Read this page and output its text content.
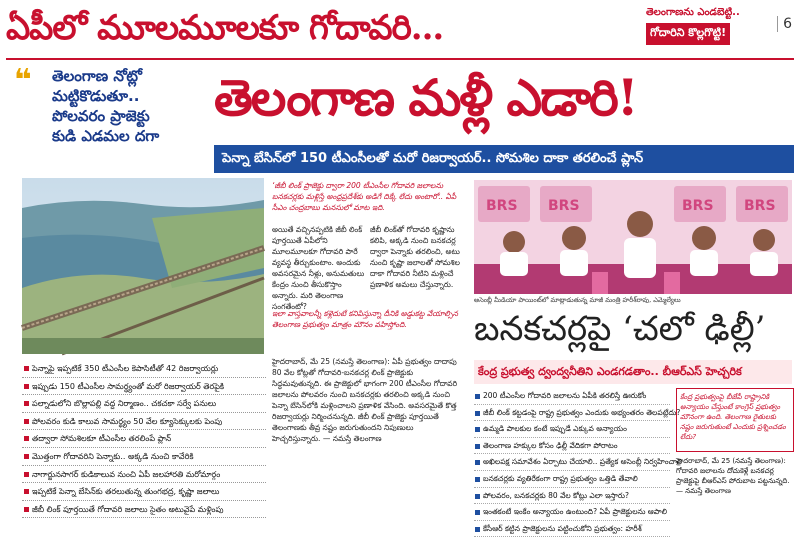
ఏపీలో మూలమూలకూ గోదావరి...	తెలంగాణను ఎండబెట్టి..
గోదారిని కొల్లగొట్టి!
6
❝ తెలంగాణ నోట్లో
మట్టికొడుతూ..
పోలవరం ప్రాజెక్టు
కుడి ఎడమల దగా
తెలంగాణ మళ్లీ ఎడారి!
పెన్నా బేసిన్‌లో 150 టీఎంసీలతో మరో రిజర్వాయర్.. సోమశిల దాకా తరలించే ప్లాన్
‘జీబీ లింక్ ప్రాజెక్టు ద్వారా 200 టీఎంసీల గోదావరి జలాలను బనకచర్లకు మళ్లిస్తే అంధ్రప్రదేశ్‌కు అడిగే దిక్కే లేదు అంటారో.. ఏపీ సీఎం చంద్రబాబు మనసులో మాట ఇది.
అయితే వచ్చినప్పటికి జీబీ లింక్ పూర్తయితే ఏపీలోని మూలమూలకూ గోదావరి పారే వ్యవస్థ తీర్చుకుంటాం. అందుకు అవసరమైన నీళ్లు, అనుమతులు కేంద్రం నుంచి తీసుకొస్తాం అన్నారు. మరి తెలంగాణ సంగతేంటో?
జీబీ లింక్‌తో గోదావరి కృష్ణాను కలిపి, అక్కడి నుంచి బనకచర్ల ద్వారా పెన్నాకు తరలించి, అటు నుంచి కృష్ణా జలాలతో సోమశిల దాకా గోదావరి నీటిని మళ్లించే ప్రణాళిక అమలు చేస్తున్నారు.
ఇలా వాస్తవాలన్నీ కళ్లెదుటే కనిపిస్తున్నా దీనికి అడ్డుకట్ట వేయాల్సిన తెలంగాణ ప్రభుత్వం మాత్రం మౌనం వహిస్తోంది.
హైదరాబాద్, మే 25 (నమస్తే తెలంగాణ): ఏపీ ప్రభుత్వం దాదాపు 80 వేల కోట్లతో గోదావరి-బనకచర్ల లింక్ ప్రాజెక్టుకు సిద్ధమవుతున్నది. ఈ ప్రాజెక్టులో భాగంగా 200 టీఎంసీల గోదావరి జలాలను పోలవరం నుంచి బనకచర్లకు తరలించి అక్కడి నుంచి పెన్నా బేసిన్‌లోకి మళ్లించాలని ప్రణాళిక వేసింది. అవసరమైతే కొత్త రిజర్వాయర్లు నిర్మించనున్నది. జీబీ లింక్ ప్రాజెక్టు పూర్తయితే తెలంగాణకు తీవ్ర నష్టం జరుగుతుందని నిపుణులు హెచ్చరిస్తున్నారు. — నమస్తే తెలంగాణ
పెన్నాపై ఇప్పటికే 350 టీఎంసీల కెపాసిటీతో 42 రిజర్వాయర్లు
ఇప్పుడు 150 టీఎంసీల సామర్థ్యంతో మరో రిజర్వాయర్ తెరపైకి
పల్నాడులోని బొల్లాపల్లి వద్ద నిర్మాణం.. చకచకా సర్వే పనులు
పోలవరం కుడి కాలువ సామర్థ్యం 50 వేల క్యూసెక్కులకు పెంపు
తద్వారా సోమశిలకూ టీఎంసీల తరలింపే ప్లాన్
మొత్తంగా గోదావరిని పెన్నాకు.. అక్కడి నుంచి కావేరికి
నాగార్జునసాగర్ కుడికాలువ నుంచి ఏపీ జలహారతి మరోమార్గం
ఇప్పటికే పెన్నా బేసిన్‌కు తరలుతున్న తుంగభద్ర, కృష్ణా జలాలు
జీబీ లింక్ పూర్తయితే గోదావరి జలాలు సైతం అటువైపే మళ్లింపు
BRS BRS	BRS BRS
అసెంబ్లీ మీడియా పాయింట్‌లో మాట్లాడుతున్న మాజీ మంత్రి హరీశ్‌రావు, ఎమ్మెల్యేలు
బనకచర్లపై ‘చలో ఢిల్లీ’
కేంద్ర ప్రభుత్వ ద్వంద్వనీతిని ఎండగడతాం.. బీఆర్‌ఎస్ హెచ్చరిక
200 టీఎంసీల గోదావరి జలాలను ఏపీకి తరలిస్తే ఊరుకోం
జీబీ లింక్ కట్టడంపై రాష్ట్ర ప్రభుత్వం ఎందుకు అభ్యంతరం తెలపట్లేదు?
ఉమ్మడి పాలకుల కంటే ఇప్పుడే ఎక్కువ అన్యాయం
తెలంగాణ హక్కుల కోసం ఢిల్లీ వేదికగా పోరాటం
అఖిలపక్ష సమావేశం ఏర్పాటు చేయాలి.. ప్రత్యేక అసెంబ్లీ నిర్వహించాలి
బనకచర్లకు వ్యతిరేకంగా రాష్ట్ర ప్రభుత్వం ఒత్తిడి తేవాలి
పోలవరం, బనకచర్లకు 80 వేల కోట్లు ఎలా ఇస్తారు?
ఇంతకంటే ఇంకేం అన్యాయం ఉంటుంది? ఏపీ ప్రాజెక్టులను ఆపాలి
కేసీఆర్ కట్టిన ప్రాజెక్టులను పట్టించుకోని ప్రభుత్వం: హరీశ్
కేంద్ర ప్రభుత్వంపై బీజేపీ రాష్ట్రానికి అన్యాయం చేస్తుంటే కాంగ్రెస్ ప్రభుత్వం మౌనంగా ఉంది. తెలంగాణ రైతులకు నష్టం జరుగుతుంటే ఎందుకు ప్రశ్నించడం లేదు?
హైదరాబాద్, మే 25 (నమస్తే తెలంగాణ): గోదావరి జలాలను దోచుకెళ్లే బనకచర్ల ప్రాజెక్టుపై బీఆర్‌ఎస్ పోరుబాట పట్టనున్నది. — నమస్తే తెలంగాణ
